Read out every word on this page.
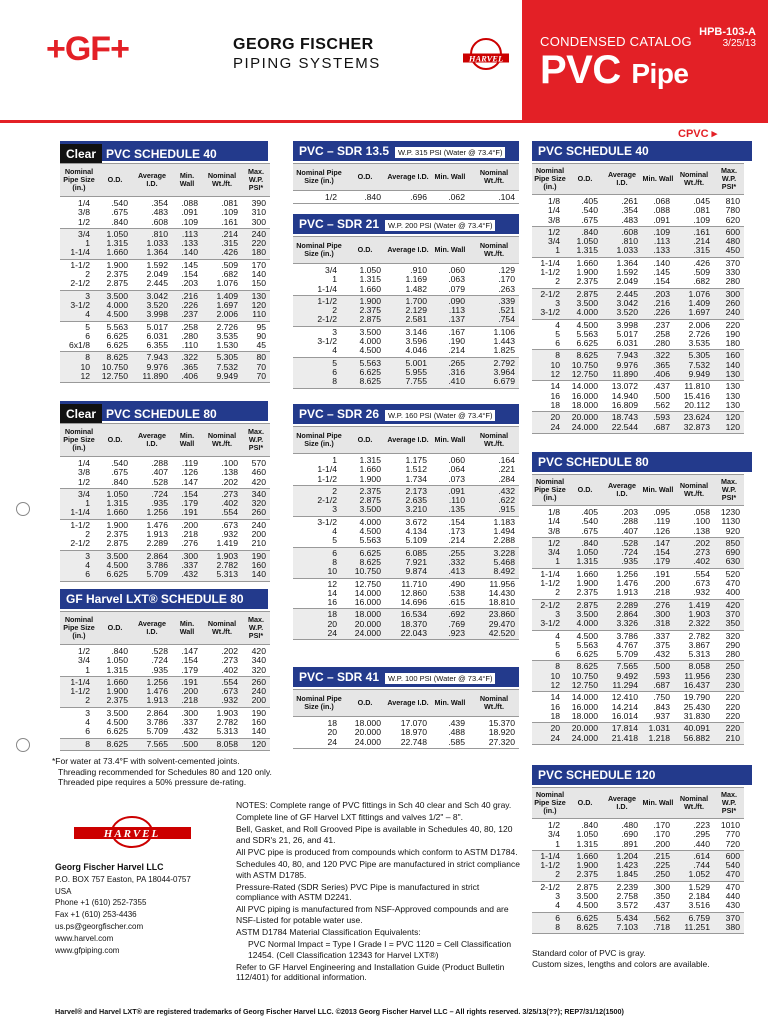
+GF+	GEORG FISCHER
PIPING SYSTEMS	HARVEL
HPB-103-A
3/25/13
CONDENSED CATALOG
PVC Pipe
CPVC ▸
Clear PVC SCHEDULE 40
Nominal Pipe Size (in.)
O.D.	Average I.D.
Min. Wall
Nominal Wt./ft.
Max. W.P. PSI*
1/4	.540	.354	.088	.081	390
3/8	.675	.483	.091	.109	310
1/2	.840	.608	.109	.161	300
3/4	1.050	.810	.113	.214	240
1	1.315	1.033	.133	.315	220
1-1/4	1.660	1.364	.140	.426	180
1-1/2	1.900	1.592	.145	.509	170
2	2.375	2.049	.154	.682	140
2-1/2	2.875	2.445	.203	1.076	150
3	3.500	3.042	.216	1.409	130
3-1/2	4.000	3.520	.226	1.697	120
4	4.500	3.998	.237	2.006	110
5	5.563	5.017	.258	2.726	95
6	6.625	6.031	.280	3.535	90
6x1/8	6.625	6.355	.110	1.530	45
8	8.625	7.943	.322	5.305	80
10	10.750	9.976	.365	7.532	70
12	12.750	11.890	.406	9.949	70
Clear PVC SCHEDULE 80
Nominal Pipe Size (in.)
O.D.	Average I.D.
Min. Wall
Nominal Wt./ft.
Max. W.P. PSI*
1/4	.540	.288	.119	.100	570
3/8	.675	.407	.126	.138	460
1/2	.840	.528	.147	.202	420
3/4	1.050	.724	.154	.273	340
1	1.315	.935	.179	.402	320
1-1/4	1.660	1.256	.191	.554	260
1-1/2	1.900	1.476	.200	.673	240
2	2.375	1.913	.218	.932	200
2-1/2	2.875	2.289	.276	1.419	210
3	3.500	2.864	.300	1.903	190
4	4.500	3.786	.337	2.782	160
6	6.625	5.709	.432	5.313	140
GF Harvel LXT® SCHEDULE 80
Nominal Pipe Size (in.)
O.D.	Average I.D.
Min. Wall
Nominal Wt./ft.
Max. W.P. PSI*
1/2	.840	.528	.147	.202	420
3/4	1.050	.724	.154	.273	340
1	1.315	.935	.179	.402	320
1-1/4	1.660	1.256	.191	.554	260
1-1/2	1.900	1.476	.200	.673	240
2	2.375	1.913	.218	.932	200
3	3.500	2.864	.300	1.903	190
4	4.500	3.786	.337	2.782	160
6	6.625	5.709	.432	5.313	140
8	8.625	7.565	.500	8.058	120
*For water at 73.4°F with solvent-cemented joints.
Threading recommended for Schedules 80 and 120 only.
Threaded pipe requires a 50% pressure de-rating.
PVC – SDR 13.5 W.P. 315 PSI (Water @ 73.4°F)
Nominal Pipe Size (in.)	O.D.	Average I.D. Min. Wall	Nominal Wt./ft.
1/2	.840	.696	.062	.104
PVC – SDR 21 W.P. 200 PSI (Water @ 73.4°F)
Nominal Pipe Size (in.)	O.D.	Average I.D. Min. Wall	Nominal Wt./ft.
3/4	1.050	.910	.060	.129
1	1.315	1.169	.063	.170
1-1/4	1.660	1.482	.079	.263
1-1/2	1.900	1.700	.090	.339
2	2.375	2.129	.113	.521
2-1/2	2.875	2.581	.137	.754
3	3.500	3.146	.167	1.106
3-1/2	4.000	3.596	.190	1.443
4	4.500	4.046	.214	1.825
5	5.563	5.001	.265	2.792
6	6.625	5.955	.316	3.964
8	8.625	7.755	.410	6.679
PVC – SDR 26 W.P. 160 PSI (Water @ 73.4°F)
Nominal Pipe Size (in.)	O.D.	Average I.D. Min. Wall	Nominal Wt./ft.
1	1.315	1.175	.060	.164
1-1/4	1.660	1.512	.064	.221
1-1/2	1.900	1.734	.073	.284
2	2.375	2.173	.091	.432
2-1/2	2.875	2.635	.110	.622
3	3.500	3.210	.135	.915
3-1/2	4.000	3.672	.154	1.183
4	4.500	4.134	.173	1.494
5	5.563	5.109	.214	2.288
6	6.625	6.085	.255	3.228
8	8.625	7.921	.332	5.468
10	10.750	9.874	.413	8.492
12	12.750	11.710	.490	11.956
14	14.000	12.860	.538	14.430
16	16.000	14.696	.615	18.810
18	18.000	16.534	.692	23.860
20	20.000	18.370	.769	29.470
24	24.000	22.043	.923	42.520
PVC – SDR 41 W.P. 100 PSI (Water @ 73.4°F)
Nominal Pipe Size (in.)	O.D.	Average I.D. Min. Wall	Nominal Wt./ft.
18	18.000	17.070	.439	15.370
20	20.000	18.970	.488	18.920
24	24.000	22.748	.585	27.320
PVC SCHEDULE 40
Nominal Pipe Size (in.)
O.D.	Average I.D.	Min. Wall Nominal Wt./ft.
Max. W.P. PSI*
1/8	.405	.261	.068	.045	810
1/4	.540	.354	.088	.081	780
3/8	.675	.483	.091	.109	620
1/2	.840	.608	.109	.161	600
3/4	1.050	.810	.113	.214	480
1	1.315	1.033	.133	.315	450
1-1/4	1.660	1.364	.140	.426	370
1-1/2	1.900	1.592	.145	.509	330
2	2.375	2.049	.154	.682	280
2-1/2	2.875	2.445	.203	1.076	300
3	3.500	3.042	.216	1.409	260
3-1/2	4.000	3.520	.226	1.697	240
4	4.500	3.998	.237	2.006	220
5	5.563	5.017	.258	2.726	190
6	6.625	6.031	.280	3.535	180
8	8.625	7.943	.322	5.305	160
10	10.750	9.976	.365	7.532	140
12	12.750	11.890	.406	9.949	130
14	14.000	13.072	.437	11.810	130
16	16.000	14.940	.500	15.416	130
18	18.000	16.809	.562	20.112	130
20	20.000	18.743	.593	23.624	120
24	24.000	22.544	.687	32.873	120
PVC SCHEDULE 80
Nominal Pipe Size (in.)
O.D.	Average I.D.	Min. Wall Nominal Wt./ft.
Max. W.P. PSI*
1/8	.405	.203	.095	.058	1230
1/4	.540	.288	.119	.100	1130
3/8	.675	.407	.126	.138	920
1/2	.840	.528	.147	.202	850
3/4	1.050	.724	.154	.273	690
1	1.315	.935	.179	.402	630
1-1/4	1.660	1.256	.191	.554	520
1-1/2	1.900	1.476	.200	.673	470
2	2.375	1.913	.218	.932	400
2-1/2	2.875	2.289	.276	1.419	420
3	3.500	2.864	.300	1.903	370
3-1/2	4.000	3.326	.318	2.322	350
4	4.500	3.786	.337	2.782	320
5	5.563	4.767	.375	3.867	290
6	6.625	5.709	.432	5.313	280
8	8.625	7.565	.500	8.058	250
10	10.750	9.492	.593	11.956	230
12	12.750	11.294	.687	16.437	230
14	14.000	12.410	.750	19.790	220
16	16.000	14.214	.843	25.430	220
18	18.000	16.014	.937	31.830	220
20	20.000	17.814	1.031	40.091	220
24	24.000	21.418	1.218	56.882	210
PVC SCHEDULE 120
Nominal Pipe Size (in.)
O.D.	Average I.D.	Min. Wall Nominal Wt./ft.
Max. W.P. PSI*
1/2	.840	.480	.170	.223	1010
3/4	1.050	.690	.170	.295	770
1	1.315	.891	.200	.440	720
1-1/4	1.660	1.204	.215	.614	600
1-1/2	1.900	1.423	.225	.744	540
2	2.375	1.845	.250	1.052	470
2-1/2	2.875	2.239	.300	1.529	470
3	3.500	2.758	.350	2.184	440
4	4.500	3.572	.437	3.516	430
6	6.625	5.434	.562	6.759	370
8	8.625	7.103	.718	11.251	380
Standard color of PVC is gray.
Custom sizes, lengths and colors are available.

NOTES: Complete range of PVC fittings in Sch 40 clear and Sch 40 gray.

Complete line of GF Harvel LXT fittings and valves 1/2" – 8".

Bell, Gasket, and Roll Grooved Pipe is available in Schedules 40, 80, 120 and SDR's 21, 26, and 41.

All PVC pipe is produced from compounds which conform to ASTM D1784.

Schedules 40, 80, and 120 PVC Pipe are manufactured in strict compliance with ASTM D1785.

Pressure-Rated (SDR Series) PVC Pipe is manufactured in strict compliance with ASTM D2241.

All PVC piping is manufactured from NSF-Approved compounds and are NSF-Listed for potable water use.

ASTM D1784 Material Classification Equivalents:

PVC Normal Impact = Type I Grade I = PVC 1120 = Cell Classification 12454. (Cell Classification 12343 for Harvel LXT®)

Refer to GF Harvel Engineering and Installation Guide (Product Bulletin 112/401) for additional information.

HARVEL
Georg Fischer Harvel LLC
P.O. BOX 757 Easton, PA 18044-0757
USA
Phone +1 (610) 252-7355
Fax +1 (610) 253-4436
us.ps@georgfischer.com
www.harvel.com
www.gfpiping.com
Harvel® and Harvel LXT® are registered trademarks of Georg Fischer Harvel LLC. ©2013 Georg Fischer Harvel LLC – All rights reserved. 3/25/13(??); REP7/31/12(1500)
